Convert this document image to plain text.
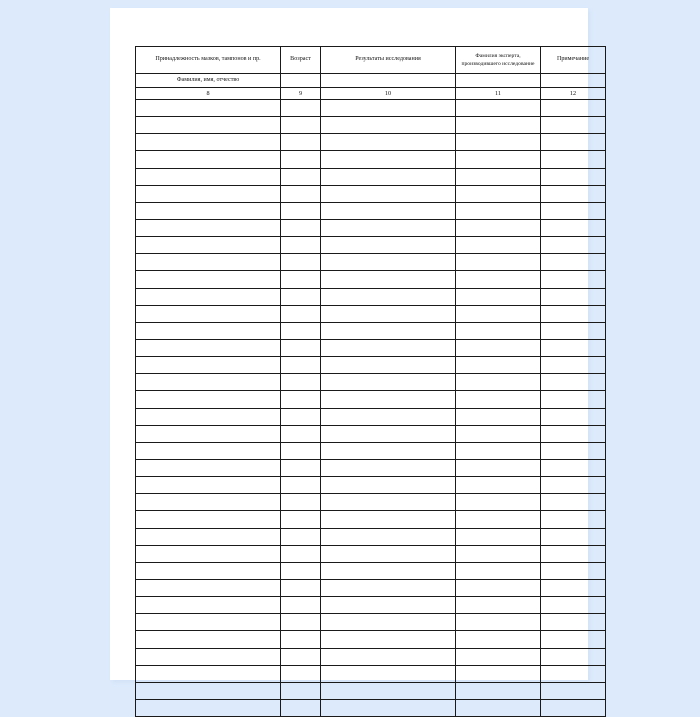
Принадлежность мазков, тампонов и пр.	Возраст	Результаты исследования	Фамилия эксперта, производившего исследование	Примечание
Фамилия, имя, отчество				
8	9	10	11	12
